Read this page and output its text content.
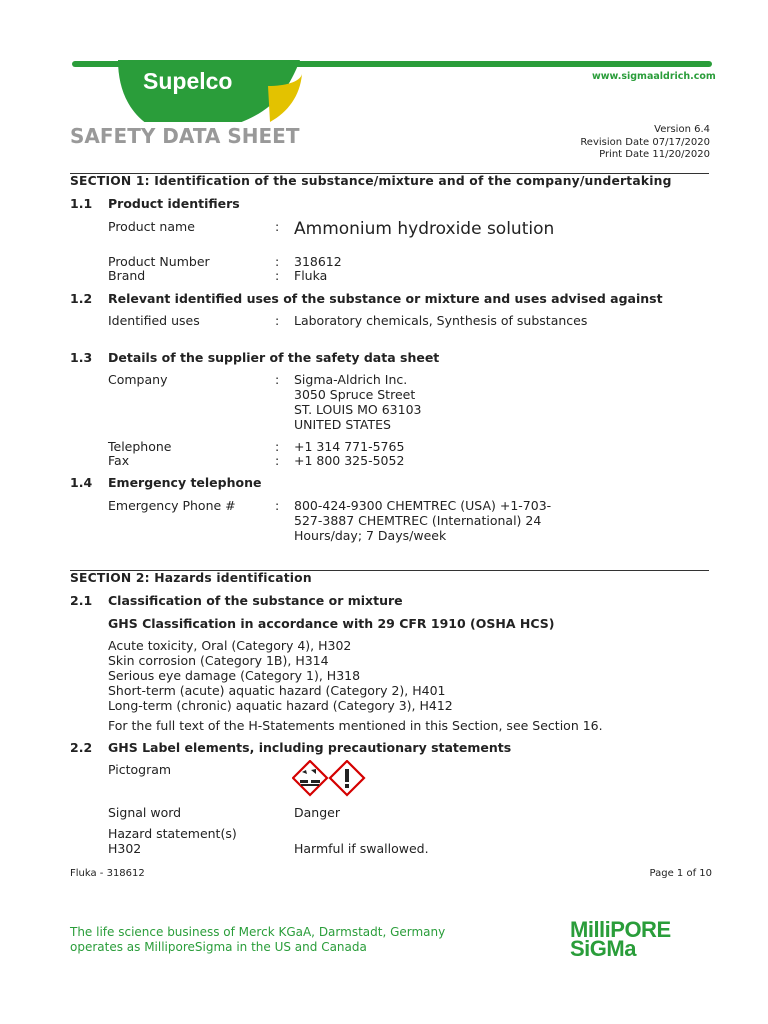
Supelco	www.sigmaaldrich.com
SAFETY DATA SHEET	Version 6.4
Revision Date 07/17/2020
Print Date 11/20/2020
SECTION 1: Identification of the substance/mixture and of the company/undertaking
1.1 Product identifiers
Product name	: Ammonium hydroxide solution
Product Number	: 318612
Brand	: Fluka
1.2 Relevant identified uses of the substance or mixture and uses advised against
Identified uses	: Laboratory chemicals, Synthesis of substances
1.3 Details of the supplier of the safety data sheet
Company	: Sigma-Aldrich Inc.
3050 Spruce Street
ST. LOUIS MO 63103
UNITED STATES
Telephone	: +1 314 771-5765
Fax	: +1 800 325-5052
1.4 Emergency telephone
Emergency Phone #	: 800-424-9300 CHEMTREC (USA) +1-703-
527-3887 CHEMTREC (International) 24
Hours/day; 7 Days/week
SECTION 2: Hazards identification
2.1 Classification of the substance or mixture
GHS Classification in accordance with 29 CFR 1910 (OSHA HCS)
Acute toxicity, Oral (Category 4), H302
Skin corrosion (Category 1B), H314
Serious eye damage (Category 1), H318
Short-term (acute) aquatic hazard (Category 2), H401
Long-term (chronic) aquatic hazard (Category 3), H412
For the full text of the H-Statements mentioned in this Section, see Section 16.
2.2 GHS Label elements, including precautionary statements
Pictogram
Signal word	Danger
Hazard statement(s)
H302	Harmful if swallowed.
Fluka - 318612	Page 1 of 10
The life science business of Merck KGaA, Darmstadt, Germany
operates as MilliporeSigma in the US and Canada
MilliPORE
SiGMa
